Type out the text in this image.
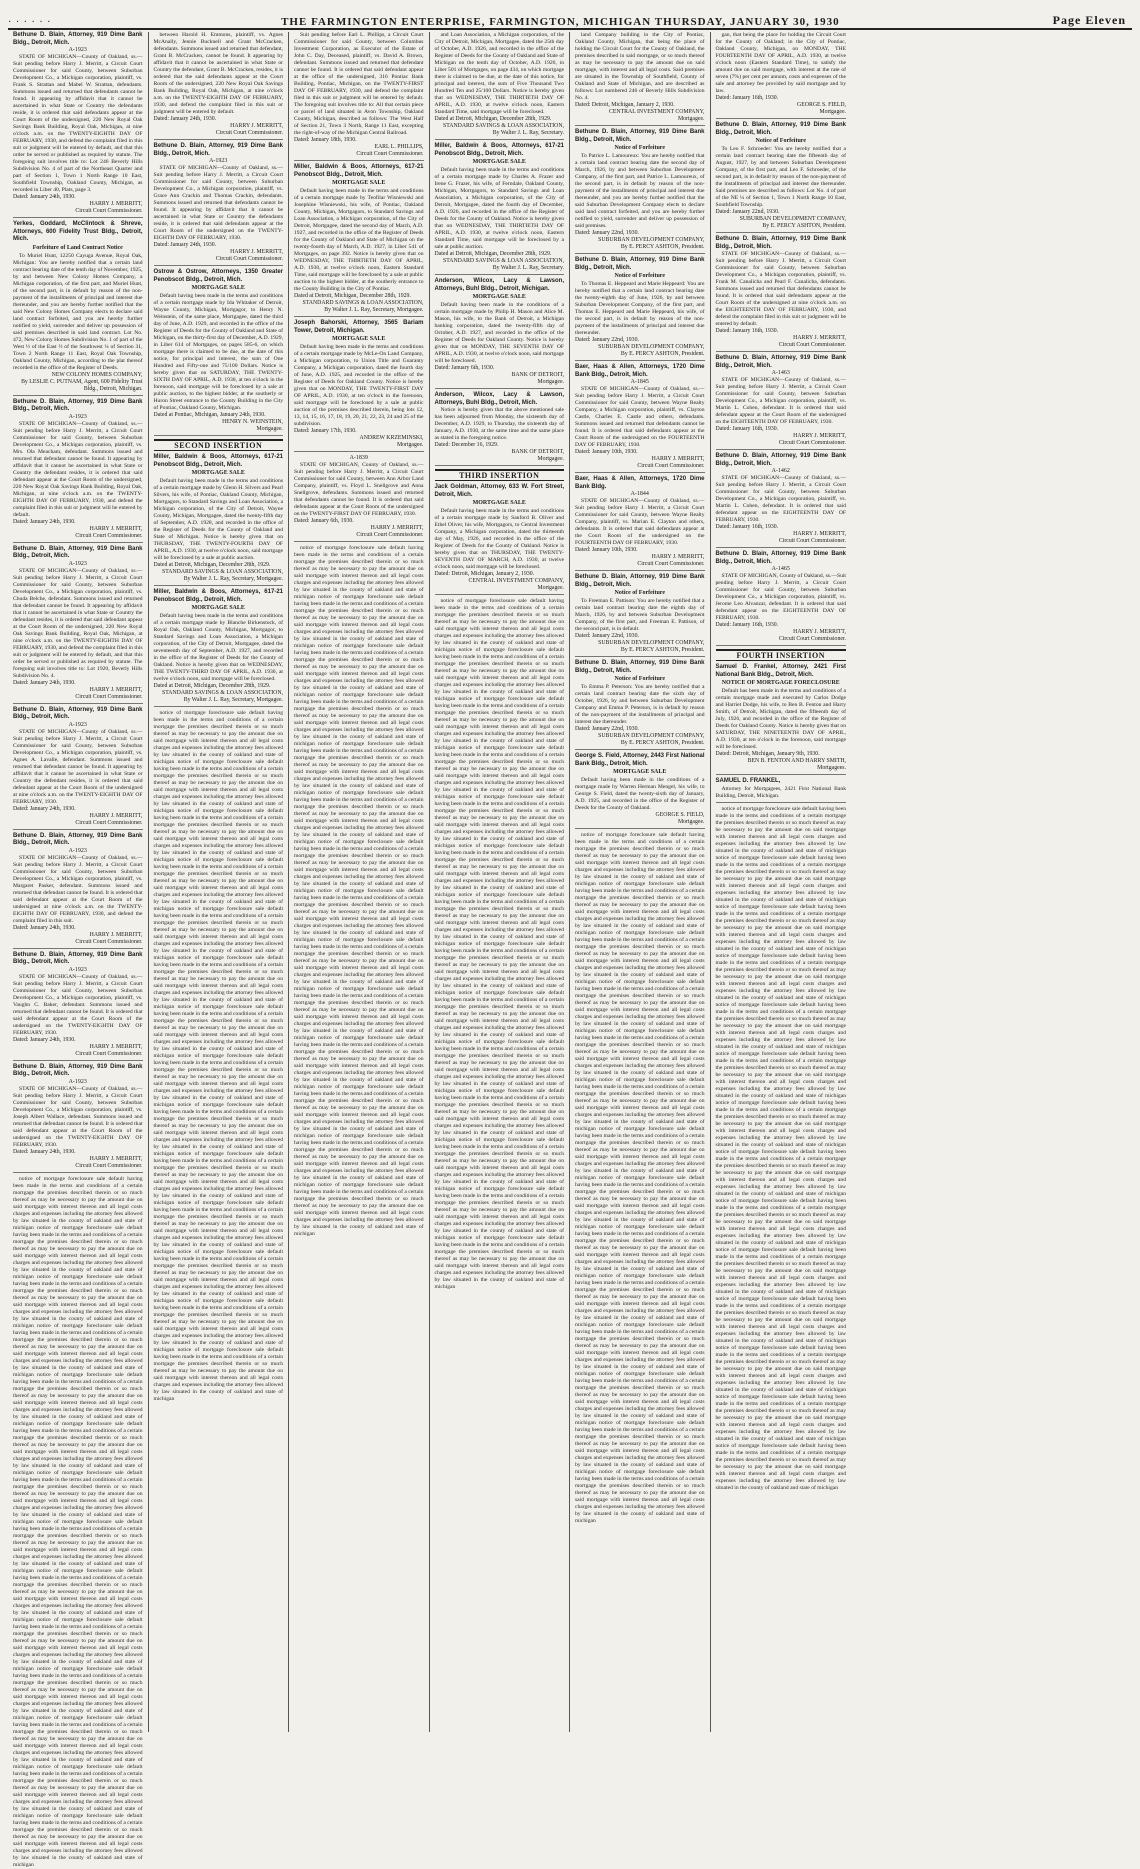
· · · · · ·	THE FARMINGTON ENTERPRISE, FARMINGTON, MICHIGAN THURSDAY, JANUARY 30, 1930	Page Eleven
Bethune D. Blain, Attorney, 919 Dime Bank Bldg., Detroit, Mich.
A-1923
STATE OF MICHIGAN—County of Oakland, ss.—Suit pending before Harry J. Merritt, a Circuit Court Commissioner for said County, between Suburban Development Co., a Michigan corporation, plaintiff, vs. Frank S. Strattan and Mabel W. Strattan, defendants. Summons issued and returned that defendants cannot be found. It appearing by affidavit that it cannot be ascertained in what State or Country the defendants reside, it is ordered that said defendants appear at the Court Room of the undersigned, 220 New Royal Oak Savings Bank Building, Royal Oak, Michigan, at nine o'clock a.m. on the TWENTY-EIGHTH DAY OF FEBRUARY, 1930, and defend the complaint filed in this suit or judgment will be entered by default, and that this order be served or published as required by statute. The foregoing suit involves title to: Lot 246 Beverly Hills Subdivision No. 4 of part of the Northeast Quarter and part of Section 1, Town 1 North Range 10 East, Southfield Township, Oakland County, Michigan, as recorded in Liber 40, Plats, page 3.
Dated: January 24th, 1930.
HARRY J. MERRITT,
Circuit Court Commissioner.
Yerkes, Goddard, McClintock & Shreve, Attorneys, 600 Fidelity Trust Bldg., Detroit, Mich.
Forfeiture of Land Contract Notice
To Muriel Hunt, 12250 Cayuga Avenue, Royal Oak, Michigan: You are hereby notified that a certain land contract bearing date of the tenth day of November, 1925, by and between New Colony Homes Company, a Michigan corporation, of the first part, and Muriel Hunt, of the second part, is in default by reason of the non-payment of the installments of principal and interest due thereunder, and you are hereby further notified that the said New Colony Homes Company elects to declare said land contract forfeited, and you are hereby further notified to yield, surrender and deliver up possession of said premises described in said land contract. Lot No. 472, New Colony Homes Subdivision No. 1 of part of the West ½ of the East ½ of the Southwest ¼ of Section 31, Town 2 North Range 11 East, Royal Oak Township, Oakland County, Michigan, according to the plat thereof recorded in the office of the Register of Deeds.
NEW COLONY HOMES COMPANY,
By LESLIE C. PUTNAM, Agent, 600 Fidelity Trust Bldg., Detroit, Michigan.
Bethune D. Blain, Attorney, 919 Dime Bank Bldg., Detroit, Mich.
A-1923
STATE OF MICHIGAN—County of Oakland, ss.—Suit pending before Harry J. Merritt, a Circuit Court Commissioner for said County, between Suburban Development Co., a Michigan corporation, plaintiff, vs. Mrs. Ola Meacham, defendant. Summons issued and returned that defendant cannot be found. It appearing by affidavit that it cannot be ascertained in what State or Country the defendant resides, it is ordered that said defendant appear at the Court Room of the undersigned, 220 New Royal Oak Savings Bank Building, Royal Oak, Michigan, at nine o'clock a.m. on the TWENTY-EIGHTH DAY OF FEBRUARY, 1930, and defend the complaint filed in this suit or judgment will be entered by default.
Dated: January 24th, 1930.
HARRY J. MERRITT,
Circuit Court Commissioner.
Bethune D. Blain, Attorney, 919 Dime Bank Bldg., Detroit, Mich.
A-1923
STATE OF MICHIGAN—County of Oakland, ss.—Suit pending before Harry J. Merritt, a Circuit Court Commissioner for said County, between Suburban Development Co., a Michigan corporation, plaintiff, vs. Chuda Belche, defendant. Summons issued and returned that defendant cannot be found. It appearing by affidavit that it cannot be ascertained in what State or Country the defendant resides, it is ordered that said defendant appear at the Court Room of the undersigned, 220 New Royal Oak Savings Bank Building, Royal Oak, Michigan, at nine o'clock a.m. on the TWENTY-EIGHTH DAY OF FEBRUARY, 1930, and defend the complaint filed in this suit or judgment will be entered by default, and that this order be served or published as required by statute. The foregoing suit involves title to: Lot 1920, Beverly Hills Subdivision No. 4.
Dated: January 24th, 1930.
HARRY J. MERRITT,
Circuit Court Commissioner.
Bethune D. Blain, Attorney, 919 Dime Bank Bldg., Detroit, Mich.
A-1923
STATE OF MICHIGAN—County of Oakland, ss.—Suit pending before Harry J. Merritt, a Circuit Court Commissioner for said County, between Suburban Development Co., a Michigan corporation, plaintiff, vs. Agnes A. Lavalle, defendant. Summons issued and returned that defendant cannot be found. It appearing by affidavit that it cannot be ascertained in what State or Country the defendant resides, it is ordered that said defendant appear at the Court Room of the undersigned at nine o'clock a.m. on the TWENTY-EIGHTH DAY OF FEBRUARY, 1930.
Dated: January 24th, 1930.
HARRY J. MERRITT,
Circuit Court Commissioner.
Bethune D. Blain, Attorney, 919 Dime Bank Bldg., Detroit, Mich.
A-1923
STATE OF MICHIGAN—County of Oakland, ss.—Suit pending before Harry J. Merritt, a Circuit Court Commissioner for said County, between Suburban Development Co., a Michigan corporation, plaintiff, vs. Margaret Pasker, defendant. Summons issued and returned that defendant cannot be found. It is ordered that said defendant appear at the Court Room of the undersigned at nine o'clock a.m. on the TWENTY-EIGHTH DAY OF FEBRUARY, 1930, and defend the complaint filed in this suit.
Dated: January 24th, 1930.
HARRY J. MERRITT,
Circuit Court Commissioner.
Bethune D. Blain, Attorney, 919 Dime Bank Bldg., Detroit, Mich.
A-1923
STATE OF MICHIGAN—County of Oakland, ss.—Suit pending before Harry J. Merritt, a Circuit Court Commissioner for said County, between Suburban Development Co., a Michigan corporation, plaintiff, vs. Vaughn C. Baker, defendant. Summons issued and returned that defendant cannot be found. It is ordered that said defendant appear at the Court Room of the undersigned on the TWENTY-EIGHTH DAY OF FEBRUARY, 1930.
Dated: January 24th, 1930.
HARRY J. MERRITT,
Circuit Court Commissioner.
Bethune D. Blain, Attorney, 919 Dime Bank Bldg., Detroit, Mich.
A-1923
STATE OF MICHIGAN—County of Oakland, ss.—Suit pending before Harry J. Merritt, a Circuit Court Commissioner for said County, between Suburban Development Co., a Michigan corporation, plaintiff, vs. Joseph Albert Wallace, defendant. Summons issued and returned that defendant cannot be found. It is ordered that said defendant appear at the Court Room of the undersigned on the TWENTY-EIGHTH DAY OF FEBRUARY, 1930.
Dated: January 24th, 1930.
HARRY J. MERRITT,
Circuit Court Commissioner.
notice of mortgage foreclosure sale default having been made in the terms and conditions of a certain mortgage the premises described therein or so much thereof as may be necessary to pay the amount due on said mortgage with interest thereon and all legal costs charges and expenses including the attorney fees allowed by law situated in the county of oakland and state of michigan notice of mortgage foreclosure sale default having been made in the terms and conditions of a certain mortgage the premises described therein or so much thereof as may be necessary to pay the amount due on said mortgage with interest thereon and all legal costs charges and expenses including the attorney fees allowed by law situated in the county of oakland and state of michigan notice of mortgage foreclosure sale default having been made in the terms and conditions of a certain mortgage the premises described therein or so much thereof as may be necessary to pay the amount due on said mortgage with interest thereon and all legal costs charges and expenses including the attorney fees allowed by law situated in the county of oakland and state of michigan notice of mortgage foreclosure sale default having been made in the terms and conditions of a certain mortgage the premises described therein or so much thereof as may be necessary to pay the amount due on said mortgage with interest thereon and all legal costs charges and expenses including the attorney fees allowed by law situated in the county of oakland and state of michigan notice of mortgage foreclosure sale default having been made in the terms and conditions of a certain mortgage the premises described therein or so much thereof as may be necessary to pay the amount due on said mortgage with interest thereon and all legal costs charges and expenses including the attorney fees allowed by law situated in the county of oakland and state of michigan notice of mortgage foreclosure sale default having been made in the terms and conditions of a certain mortgage the premises described therein or so much thereof as may be necessary to pay the amount due on said mortgage with interest thereon and all legal costs charges and expenses including the attorney fees allowed by law situated in the county of oakland and state of michigan notice of mortgage foreclosure sale default having been made in the terms and conditions of a certain mortgage the premises described therein or so much thereof as may be necessary to pay the amount due on said mortgage with interest thereon and all legal costs charges and expenses including the attorney fees allowed by law situated in the county of oakland and state of michigan notice of mortgage foreclosure sale default having been made in the terms and conditions of a certain mortgage the premises described therein or so much thereof as may be necessary to pay the amount due on said mortgage with interest thereon and all legal costs charges and expenses including the attorney fees allowed by law situated in the county of oakland and state of michigan notice of mortgage foreclosure sale default having been made in the terms and conditions of a certain mortgage the premises described therein or so much thereof as may be necessary to pay the amount due on said mortgage with interest thereon and all legal costs charges and expenses including the attorney fees allowed by law situated in the county of oakland and state of michigan notice of mortgage foreclosure sale default having been made in the terms and conditions of a certain mortgage the premises described therein or so much thereof as may be necessary to pay the amount due on said mortgage with interest thereon and all legal costs charges and expenses including the attorney fees allowed by law situated in the county of oakland and state of michigan notice of mortgage foreclosure sale default having been made in the terms and conditions of a certain mortgage the premises described therein or so much thereof as may be necessary to pay the amount due on said mortgage with interest thereon and all legal costs charges and expenses including the attorney fees allowed by law situated in the county of oakland and state of michigan notice of mortgage foreclosure sale default having been made in the terms and conditions of a certain mortgage the premises described therein or so much thereof as may be necessary to pay the amount due on said mortgage with interest thereon and all legal costs charges and expenses including the attorney fees allowed by law situated in the county of oakland and state of michigan notice of mortgage foreclosure sale default having been made in the terms and conditions of a certain mortgage the premises described therein or so much thereof as may be necessary to pay the amount due on said mortgage with interest thereon and all legal costs charges and expenses including the attorney fees allowed by law situated in the county of oakland and state of michigan notice of mortgage foreclosure sale default having been made in the terms and conditions of a certain mortgage the premises described therein or so much thereof as may be necessary to pay the amount due on said mortgage with interest thereon and all legal costs charges and expenses including the attorney fees allowed by law situated in the county of oakland and state of michigan
between Harold H. Emmons, plaintiff, vs. Agnes McAnally, Jennie Bucknell and Grant McCracken, defendants. Summons issued and returned that defendant, Grant B. McCracken, cannot be found. It appearing by affidavit that it cannot be ascertained in what State or Country the defendant, Grant B. McCracken, resides, it is ordered that the said defendants appear at the Court Room of the undersigned, 220 New Royal Oak Savings Bank Building, Royal Oak, Michigan, at nine o'clock a.m. on the TWENTY-EIGHTH DAY OF FEBRUARY, 1930, and defend the complaint filed in this suit or judgment will be entered by default.
Dated: January 24th, 1930.
HARRY J. MERRITT,
Circuit Court Commissioner.
Bethune D. Blain, Attorney, 919 Dime Bank Bldg., Detroit, Mich.
A-1923
STATE OF MICHIGAN—County of Oakland, ss.—Suit pending before Harry J. Merritt, a Circuit Court Commissioner for said County, between Suburban Development Co., a Michigan corporation, plaintiff, vs. Grace Ann Crackin and Thomas Crackin, defendants. Summons issued and returned that defendants cannot be found. It appearing by affidavit that it cannot be ascertained in what State or Country the defendants reside, it is ordered that said defendants appear at the Court Room of the undersigned on the TWENTY-EIGHTH DAY OF FEBRUARY, 1930.
Dated: January 24th, 1930.
HARRY J. MERRITT,
Circuit Court Commissioner.
Ostrow & Ostrow, Attorneys, 1350 Greater Penobscot Bldg., Detroit, Mich.
MORTGAGE SALE
Default having been made in the terms and conditions of a certain mortgage made by Ida Whitaker of Detroit, Wayne County, Michigan, Mortgagor, to Henry N. Weinstein, of the same place, Mortgagee, dated the third day of June, A.D. 1929, and recorded in the office of the Register of Deeds for the County of Oakland and State of Michigan, on the thirty-first day of December, A.D. 1929, in Liber 614 of Mortgages, on pages 585-6, on which mortgage there is claimed to be due, at the date of this notice, for principal and interest, the sum of One Hundred and Fifty-one and 75/100 Dollars. Notice is hereby given that on SATURDAY, THE TWENTY-SIXTH DAY OF APRIL, A.D. 1930, at ten o'clock in the forenoon, said mortgage will be foreclosed by a sale at public auction, to the highest bidder, at the southerly or Huron Street entrance to the County Building in the City of Pontiac, Oakland County, Michigan.
Dated at Pontiac, Michigan, January 24th, 1930.
HENRY N. WEINSTEIN,
Mortgagee.
SECOND INSERTION
Miller, Baldwin & Boos, Attorneys, 617-21 Penobscot Bldg., Detroit, Mich.
MORTGAGE SALE
Default having been made in the terms and conditions of a certain mortgage made by Glenn H. Silvers and Pearl Silvers, his wife, of Pontiac, Oakland County, Michigan, Mortgagors, to Standard Savings and Loan Association, a Michigan corporation, of the City of Detroit, Wayne County, Michigan, Mortgagee, dated the twenty-fifth day of September, A.D. 1928, and recorded in the office of the Register of Deeds for the County of Oakland and State of Michigan. Notice is hereby given that on THURSDAY, THE TWENTY-FOURTH DAY OF APRIL, A.D. 1930, at twelve o'clock noon, said mortgage will be foreclosed by a sale at public auction.
Dated at Detroit, Michigan, December 28th, 1929.
STANDARD SAVINGS & LOAN ASSOCIATION,
By Walter J. L. Ray, Secretary, Mortgagee.
Miller, Baldwin & Boos, Attorneys, 617-21 Penobscot Bldg., Detroit, Mich.
MORTGAGE SALE
Default having been made in the terms and conditions of a certain mortgage made by Blanche Birkenstock, of Royal Oak, Oakland County, Michigan, Mortgagor, to Standard Savings and Loan Association, a Michigan corporation, of the City of Detroit, Mortgagee, dated the seventeenth day of September, A.D. 1927, and recorded in the office of the Register of Deeds for the County of Oakland. Notice is hereby given that on WEDNESDAY, THE TWENTY-THIRD DAY OF APRIL, A.D. 1930, at twelve o'clock noon, said mortgage will be foreclosed.
Dated at Detroit, Michigan, December 28th, 1929.
STANDARD SAVINGS & LOAN ASSOCIATION,
By Walter J. L. Ray, Secretary, Mortgagee.
notice of mortgage foreclosure sale default having been made in the terms and conditions of a certain mortgage the premises described therein or so much thereof as may be necessary to pay the amount due on said mortgage with interest thereon and all legal costs charges and expenses including the attorney fees allowed by law situated in the county of oakland and state of michigan notice of mortgage foreclosure sale default having been made in the terms and conditions of a certain mortgage the premises described therein or so much thereof as may be necessary to pay the amount due on said mortgage with interest thereon and all legal costs charges and expenses including the attorney fees allowed by law situated in the county of oakland and state of michigan notice of mortgage foreclosure sale default having been made in the terms and conditions of a certain mortgage the premises described therein or so much thereof as may be necessary to pay the amount due on said mortgage with interest thereon and all legal costs charges and expenses including the attorney fees allowed by law situated in the county of oakland and state of michigan notice of mortgage foreclosure sale default having been made in the terms and conditions of a certain mortgage the premises described therein or so much thereof as may be necessary to pay the amount due on said mortgage with interest thereon and all legal costs charges and expenses including the attorney fees allowed by law situated in the county of oakland and state of michigan notice of mortgage foreclosure sale default having been made in the terms and conditions of a certain mortgage the premises described therein or so much thereof as may be necessary to pay the amount due on said mortgage with interest thereon and all legal costs charges and expenses including the attorney fees allowed by law situated in the county of oakland and state of michigan notice of mortgage foreclosure sale default having been made in the terms and conditions of a certain mortgage the premises described therein or so much thereof as may be necessary to pay the amount due on said mortgage with interest thereon and all legal costs charges and expenses including the attorney fees allowed by law situated in the county of oakland and state of michigan notice of mortgage foreclosure sale default having been made in the terms and conditions of a certain mortgage the premises described therein or so much thereof as may be necessary to pay the amount due on said mortgage with interest thereon and all legal costs charges and expenses including the attorney fees allowed by law situated in the county of oakland and state of michigan notice of mortgage foreclosure sale default having been made in the terms and conditions of a certain mortgage the premises described therein or so much thereof as may be necessary to pay the amount due on said mortgage with interest thereon and all legal costs charges and expenses including the attorney fees allowed by law situated in the county of oakland and state of michigan notice of mortgage foreclosure sale default having been made in the terms and conditions of a certain mortgage the premises described therein or so much thereof as may be necessary to pay the amount due on said mortgage with interest thereon and all legal costs charges and expenses including the attorney fees allowed by law situated in the county of oakland and state of michigan notice of mortgage foreclosure sale default having been made in the terms and conditions of a certain mortgage the premises described therein or so much thereof as may be necessary to pay the amount due on said mortgage with interest thereon and all legal costs charges and expenses including the attorney fees allowed by law situated in the county of oakland and state of michigan notice of mortgage foreclosure sale default having been made in the terms and conditions of a certain mortgage the premises described therein or so much thereof as may be necessary to pay the amount due on said mortgage with interest thereon and all legal costs charges and expenses including the attorney fees allowed by law situated in the county of oakland and state of michigan notice of mortgage foreclosure sale default having been made in the terms and conditions of a certain mortgage the premises described therein or so much thereof as may be necessary to pay the amount due on said mortgage with interest thereon and all legal costs charges and expenses including the attorney fees allowed by law situated in the county of oakland and state of michigan notice of mortgage foreclosure sale default having been made in the terms and conditions of a certain mortgage the premises described therein or so much thereof as may be necessary to pay the amount due on said mortgage with interest thereon and all legal costs charges and expenses including the attorney fees allowed by law situated in the county of oakland and state of michigan notice of mortgage foreclosure sale default having been made in the terms and conditions of a certain mortgage the premises described therein or so much thereof as may be necessary to pay the amount due on said mortgage with interest thereon and all legal costs charges and expenses including the attorney fees allowed by law situated in the county of oakland and state of michigan
Suit pending before Earl L. Phillips, a Circuit Court Commissioner for said County, between Columbus Investment Corporation, as Executor of the Estate of John C. Day, Deceased, plaintiff, vs. David A. Brown, defendant. Summons issued and returned that defendant cannot be found. It is ordered that said defendant appear at the office of the undersigned, 316 Pontiac Bank Building, Pontiac, Michigan, on the TWENTY-FIRST DAY OF FEBRUARY, 1930, and defend the complaint filed in this suit or judgment will be entered by default. The foregoing suit involves title to: All that certain piece or parcel of land situated in Avon Township, Oakland County, Michigan, described as follows: The West Half of Section 21, Town 3 North, Range 11 East, excepting the right-of-way of the Michigan Central Railroad.
Dated: January 18th, 1930.
EARL L. PHILLIPS,
Circuit Court Commissioner.
Miller, Baldwin & Boos, Attorneys, 617-21 Penobscot Bldg., Detroit, Mich.
MORTGAGE SALE
Default having been made in the terms and conditions of a certain mortgage made by Teofilar Wisniewski and Josephine Wisniewski, his wife, of Pontiac, Oakland County, Michigan, Mortgagors, to Standard Savings and Loan Association, a Michigan corporation, of the City of Detroit, Mortgagee, dated the second day of March, A.D. 1927, and recorded in the office of the Register of Deeds for the County of Oakland and State of Michigan on the twenty-fourth day of March, A.D. 1927, in Liber 541 of Mortgages, on page 392. Notice is hereby given that on WEDNESDAY, THE THIRTIETH DAY OF APRIL, A.D. 1930, at twelve o'clock noon, Eastern Standard Time, said mortgage will be foreclosed by a sale at public auction to the highest bidder, at the southerly entrance to the County Building in the City of Pontiac.
Dated at Detroit, Michigan, December 28th, 1929.
STANDARD SAVINGS & LOAN ASSOCIATION,
By Walter J. L. Ray, Secretary, Mortgagee.
Joseph Bahorski, Attorney, 3565 Bariam Tower, Detroit, Michigan.
MORTGAGE SALE
Default having been made in the terms and conditions of a certain mortgage made by McLe-On Land Company, a Michigan corporation, to Union Title and Guaranty Company, a Michigan corporation, dated the fourth day of June, A.D. 1925, and recorded in the office of the Register of Deeds for Oakland County. Notice is hereby given that on MONDAY, THE TWENTY-FIRST DAY OF APRIL, A.D. 1930, at ten o'clock in the forenoon, said mortgage will be foreclosed by a sale at public auction of the premises described therein, being lots 12, 13, 14, 15, 16, 17, 18, 19, 20, 21, 22, 23, 24 and 25 of the subdivision.
Dated: January 17th, 1930.
ANDREW KRZEMINSKI,
Mortgagee.
A-1839
STATE OF MICHIGAN, County of Oakland, ss.—Suit pending before Harry J. Merritt, a Circuit Court Commissioner for said County, between Ann Arbor Land Company, plaintiff, vs. Floyd L. Snellgrove and Anna Snellgrove, defendants. Summons issued and returned that defendants cannot be found. It is ordered that said defendants appear at the Court Room of the undersigned on the TWENTY-FIRST DAY OF FEBRUARY, 1930.
Dated: January 6th, 1930.
HARRY J. MERRITT,
Circuit Court Commissioner.
notice of mortgage foreclosure sale default having been made in the terms and conditions of a certain mortgage the premises described therein or so much thereof as may be necessary to pay the amount due on said mortgage with interest thereon and all legal costs charges and expenses including the attorney fees allowed by law situated in the county of oakland and state of michigan notice of mortgage foreclosure sale default having been made in the terms and conditions of a certain mortgage the premises described therein or so much thereof as may be necessary to pay the amount due on said mortgage with interest thereon and all legal costs charges and expenses including the attorney fees allowed by law situated in the county of oakland and state of michigan notice of mortgage foreclosure sale default having been made in the terms and conditions of a certain mortgage the premises described therein or so much thereof as may be necessary to pay the amount due on said mortgage with interest thereon and all legal costs charges and expenses including the attorney fees allowed by law situated in the county of oakland and state of michigan notice of mortgage foreclosure sale default having been made in the terms and conditions of a certain mortgage the premises described therein or so much thereof as may be necessary to pay the amount due on said mortgage with interest thereon and all legal costs charges and expenses including the attorney fees allowed by law situated in the county of oakland and state of michigan notice of mortgage foreclosure sale default having been made in the terms and conditions of a certain mortgage the premises described therein or so much thereof as may be necessary to pay the amount due on said mortgage with interest thereon and all legal costs charges and expenses including the attorney fees allowed by law situated in the county of oakland and state of michigan notice of mortgage foreclosure sale default having been made in the terms and conditions of a certain mortgage the premises described therein or so much thereof as may be necessary to pay the amount due on said mortgage with interest thereon and all legal costs charges and expenses including the attorney fees allowed by law situated in the county of oakland and state of michigan notice of mortgage foreclosure sale default having been made in the terms and conditions of a certain mortgage the premises described therein or so much thereof as may be necessary to pay the amount due on said mortgage with interest thereon and all legal costs charges and expenses including the attorney fees allowed by law situated in the county of oakland and state of michigan notice of mortgage foreclosure sale default having been made in the terms and conditions of a certain mortgage the premises described therein or so much thereof as may be necessary to pay the amount due on said mortgage with interest thereon and all legal costs charges and expenses including the attorney fees allowed by law situated in the county of oakland and state of michigan notice of mortgage foreclosure sale default having been made in the terms and conditions of a certain mortgage the premises described therein or so much thereof as may be necessary to pay the amount due on said mortgage with interest thereon and all legal costs charges and expenses including the attorney fees allowed by law situated in the county of oakland and state of michigan notice of mortgage foreclosure sale default having been made in the terms and conditions of a certain mortgage the premises described therein or so much thereof as may be necessary to pay the amount due on said mortgage with interest thereon and all legal costs charges and expenses including the attorney fees allowed by law situated in the county of oakland and state of michigan notice of mortgage foreclosure sale default having been made in the terms and conditions of a certain mortgage the premises described therein or so much thereof as may be necessary to pay the amount due on said mortgage with interest thereon and all legal costs charges and expenses including the attorney fees allowed by law situated in the county of oakland and state of michigan notice of mortgage foreclosure sale default having been made in the terms and conditions of a certain mortgage the premises described therein or so much thereof as may be necessary to pay the amount due on said mortgage with interest thereon and all legal costs charges and expenses including the attorney fees allowed by law situated in the county of oakland and state of michigan notice of mortgage foreclosure sale default having been made in the terms and conditions of a certain mortgage the premises described therein or so much thereof as may be necessary to pay the amount due on said mortgage with interest thereon and all legal costs charges and expenses including the attorney fees allowed by law situated in the county of oakland and state of michigan notice of mortgage foreclosure sale default having been made in the terms and conditions of a certain mortgage the premises described therein or so much thereof as may be necessary to pay the amount due on said mortgage with interest thereon and all legal costs charges and expenses including the attorney fees allowed by law situated in the county of oakland and state of michigan
and Loan Association, a Michigan corporation, of the City of Detroit, Michigan, Mortgagee, dated the 25th day of October, A.D. 1926, and recorded in the office of the Register of Deeds for the County of Oakland and State of Michigan on the tenth day of October, A.D. 1926, in Liber 501 of Mortgages, on page 434, on which mortgage there is claimed to be due, at the date of this notice, for principal and interest, the sum of Five Thousand Two Hundred Ten and 25/100 Dollars. Notice is hereby given that on WEDNESDAY, THE THIRTIETH DAY OF APRIL, A.D. 1930, at twelve o'clock noon, Eastern Standard Time, said mortgage will be foreclosed.
Dated at Detroit, Michigan, December 28th, 1929.
STANDARD SAVINGS & LOAN ASSOCIATION,
By Walter J. L. Ray, Secretary.
Miller, Baldwin & Boos, Attorneys, 617-21 Penobscot Bldg., Detroit, Mich.
MORTGAGE SALE
Default having been made in the terms and conditions of a certain mortgage made by Charles A. Frazer and Irene G. Frazer, his wife, of Ferndale, Oakland County, Michigan, Mortgagors, to Standard Savings and Loan Association, a Michigan corporation, of the City of Detroit, Mortgagee, dated the fourth day of December, A.D. 1926, and recorded in the office of the Register of Deeds for the County of Oakland. Notice is hereby given that on WEDNESDAY, THE THIRTIETH DAY OF APRIL, A.D. 1930, at twelve o'clock noon, Eastern Standard Time, said mortgage will be foreclosed by a sale at public auction.
Dated at Detroit, Michigan, December 28th, 1929.
STANDARD SAVINGS & LOAN ASSOCIATION,
By Walter J. L. Ray, Secretary.
Anderson, Wilcox, Lacy & Lawson, Attorneys, Buhl Bldg., Detroit, Michigan.
MORTGAGE SALE
Default having been made in the conditions of a certain mortgage made by Philip H. Mason and Alice M. Mason, his wife, to the Bank of Detroit, a Michigan banking corporation, dated the twenty-fifth day of October, A.D. 1927, and recorded in the office of the Register of Deeds for Oakland County. Notice is hereby given that on MONDAY, THE SEVENTH DAY OF APRIL, A.D. 1930, at twelve o'clock noon, said mortgage will be foreclosed.
Dated: January 6th, 1930.
BANK OF DETROIT,
Mortgagee.
Anderson, Wilcox, Lacy & Lawson, Attorneys, Buhl Bldg., Detroit, Mich.
Notice is hereby given that the above mentioned sale has been adjourned from Monday, the sixteenth day of December, A.D. 1929, to Thursday, the sixteenth day of January, A.D. 1930, at the same time and the same place as stated in the foregoing notice.
Dated: December 16, 1929.
BANK OF DETROIT,
Mortgagee.
THIRD INSERTION
Jack Goldman, Attorney, 633 W. Fort Street, Detroit, Mich.
MORTGAGE SALE
Default having been made in the terms and conditions of a certain mortgage made by Sanford B. Oliver and Ethel Oliver, his wife, Mortgagors, to Central Investment Company, a Michigan corporation, dated the thirteenth day of May, 1926, and recorded in the office of the Register of Deeds for the County of Oakland. Notice is hereby given that on THURSDAY, THE TWENTY-SEVENTH DAY OF MARCH, A.D. 1930, at twelve o'clock noon, said mortgage will be foreclosed.
Dated: Detroit, Michigan, January 2, 1930.
CENTRAL INVESTMENT COMPANY,
Mortgagee.
notice of mortgage foreclosure sale default having been made in the terms and conditions of a certain mortgage the premises described therein or so much thereof as may be necessary to pay the amount due on said mortgage with interest thereon and all legal costs charges and expenses including the attorney fees allowed by law situated in the county of oakland and state of michigan notice of mortgage foreclosure sale default having been made in the terms and conditions of a certain mortgage the premises described therein or so much thereof as may be necessary to pay the amount due on said mortgage with interest thereon and all legal costs charges and expenses including the attorney fees allowed by law situated in the county of oakland and state of michigan notice of mortgage foreclosure sale default having been made in the terms and conditions of a certain mortgage the premises described therein or so much thereof as may be necessary to pay the amount due on said mortgage with interest thereon and all legal costs charges and expenses including the attorney fees allowed by law situated in the county of oakland and state of michigan notice of mortgage foreclosure sale default having been made in the terms and conditions of a certain mortgage the premises described therein or so much thereof as may be necessary to pay the amount due on said mortgage with interest thereon and all legal costs charges and expenses including the attorney fees allowed by law situated in the county of oakland and state of michigan notice of mortgage foreclosure sale default having been made in the terms and conditions of a certain mortgage the premises described therein or so much thereof as may be necessary to pay the amount due on said mortgage with interest thereon and all legal costs charges and expenses including the attorney fees allowed by law situated in the county of oakland and state of michigan notice of mortgage foreclosure sale default having been made in the terms and conditions of a certain mortgage the premises described therein or so much thereof as may be necessary to pay the amount due on said mortgage with interest thereon and all legal costs charges and expenses including the attorney fees allowed by law situated in the county of oakland and state of michigan notice of mortgage foreclosure sale default having been made in the terms and conditions of a certain mortgage the premises described therein or so much thereof as may be necessary to pay the amount due on said mortgage with interest thereon and all legal costs charges and expenses including the attorney fees allowed by law situated in the county of oakland and state of michigan notice of mortgage foreclosure sale default having been made in the terms and conditions of a certain mortgage the premises described therein or so much thereof as may be necessary to pay the amount due on said mortgage with interest thereon and all legal costs charges and expenses including the attorney fees allowed by law situated in the county of oakland and state of michigan notice of mortgage foreclosure sale default having been made in the terms and conditions of a certain mortgage the premises described therein or so much thereof as may be necessary to pay the amount due on said mortgage with interest thereon and all legal costs charges and expenses including the attorney fees allowed by law situated in the county of oakland and state of michigan notice of mortgage foreclosure sale default having been made in the terms and conditions of a certain mortgage the premises described therein or so much thereof as may be necessary to pay the amount due on said mortgage with interest thereon and all legal costs charges and expenses including the attorney fees allowed by law situated in the county of oakland and state of michigan notice of mortgage foreclosure sale default having been made in the terms and conditions of a certain mortgage the premises described therein or so much thereof as may be necessary to pay the amount due on said mortgage with interest thereon and all legal costs charges and expenses including the attorney fees allowed by law situated in the county of oakland and state of michigan notice of mortgage foreclosure sale default having been made in the terms and conditions of a certain mortgage the premises described therein or so much thereof as may be necessary to pay the amount due on said mortgage with interest thereon and all legal costs charges and expenses including the attorney fees allowed by law situated in the county of oakland and state of michigan notice of mortgage foreclosure sale default having been made in the terms and conditions of a certain mortgage the premises described therein or so much thereof as may be necessary to pay the amount due on said mortgage with interest thereon and all legal costs charges and expenses including the attorney fees allowed by law situated in the county of oakland and state of michigan notice of mortgage foreclosure sale default having been made in the terms and conditions of a certain mortgage the premises described therein or so much thereof as may be necessary to pay the amount due on said mortgage with interest thereon and all legal costs charges and expenses including the attorney fees allowed by law situated in the county of oakland and state of michigan
land Company building in the City of Pontiac, Oakland County, Michigan, that being the place of holding the Circuit Court for the County of Oakland, the premises described in said mortgage, or so much thereof as may be necessary to pay the amount due on said mortgage, with interest and all legal costs. Said premises are situated in the Township of Southfield, County of Oakland and State of Michigan, and are described as follows: Lot numbered 246 of Beverly Hills Subdivision No. 4.
Dated: Detroit, Michigan, January 2, 1930.
CENTRAL INVESTMENT COMPANY,
Mortgagee.
Bethune D. Blain, Attorney, 919 Dime Bank Bldg., Detroit, Mich.
Notice of Forfeiture
To Patrice L. Lamoureux: You are hereby notified that a certain land contract bearing date the second day of March, 1926, by and between Suburban Development Company, of the first part, and Patrice L. Lamoureux, of the second part, is in default by reason of the non-payment of the installments of principal and interest due thereunder, and you are hereby further notified that the said Suburban Development Company elects to declare said land contract forfeited, and you are hereby further notified to yield, surrender and deliver up possession of said premises.
Dated: January 22nd, 1930.
SUBURBAN DEVELOPMENT COMPANY,
By E. PERCY ASHTON, President.
Bethune D. Blain, Attorney, 919 Dime Bank Bldg., Detroit, Mich.
Notice of Forfeiture
To Thomas E. Heppeard and Marie Heppeard: You are hereby notified that a certain land contract bearing date the twenty-eighth day of June, 1926, by and between Suburban Development Company, of the first part, and Thomas E. Heppeard and Marie Heppeard, his wife, of the second part, is in default by reason of the non-payment of the installments of principal and interest due thereunder.
Dated: January 22nd, 1930.
SUBURBAN DEVELOPMENT COMPANY,
By E. PERCY ASHTON, President.
Baer, Haas & Allen, Attorneys, 1720 Dime Bank Bldg., Detroit, Mich.
A-1845
STATE OF MICHIGAN—County of Oakland, ss.—Suit pending before Harry J. Merritt, a Circuit Court Commissioner for said County, between Wayne Realty Company, a Michigan corporation, plaintiff, vs. Clayton Castle, Charles E. Castle and others, defendants. Summons issued and returned that defendants cannot be found. It is ordered that said defendants appear at the Court Room of the undersigned on the FOURTEENTH DAY OF FEBRUARY, 1930.
Dated: January 10th, 1930.
HARRY J. MERRITT,
Circuit Court Commissioner.
Baer, Haas & Allen, Attorneys, 1720 Dime Bank Bldg.
A-1844
STATE OF MICHIGAN—County of Oakland, ss.—Suit pending before Harry J. Merritt, a Circuit Court Commissioner for said County, between Wayne Realty Company, plaintiff, vs. Marian E. Clayton and others, defendants. It is ordered that said defendants appear at the Court Room of the undersigned on the FOURTEENTH DAY OF FEBRUARY, 1930.
Dated: January 10th, 1930.
HARRY J. MERRITT,
Circuit Court Commissioner.
Bethune D. Blain, Attorney, 919 Dime Bank Bldg., Detroit, Mich.
Notice of Forfeiture
To Freeman E. Pattison: You are hereby notified that a certain land contract bearing date the eighth day of March, 1926, by and between Suburban Development Company, of the first part, and Freeman E. Pattison, of the second part, is in default.
Dated: January 22nd, 1930.
SUBURBAN DEVELOPMENT COMPANY,
By E. PERCY ASHTON, President.
Bethune D. Blain, Attorney, 919 Dime Bank Bldg., Detroit, Mich.
Notice of Forfeiture
To Emma P. Peterson: You are hereby notified that a certain land contract bearing date the sixth day of October, 1926, by and between Suburban Development Company and Emma P. Peterson, is in default by reason of the non-payment of the installments of principal and interest due thereunder.
Dated: January 22nd, 1930.
SUBURBAN DEVELOPMENT COMPANY,
By E. PERCY ASHTON, President.
George S. Field, Attorney, 2443 First National Bank Bldg., Detroit, Mich.
MORTGAGE SALE
Default having been made in the conditions of a mortgage made by Warren Herman Mengel, his wife, to George S. Field, dated the twenty-sixth day of January, A.D. 1925, and recorded in the office of the Register of Deeds for the County of Oakland.
GEORGE S. FIELD,
Mortgagee.
notice of mortgage foreclosure sale default having been made in the terms and conditions of a certain mortgage the premises described therein or so much thereof as may be necessary to pay the amount due on said mortgage with interest thereon and all legal costs charges and expenses including the attorney fees allowed by law situated in the county of oakland and state of michigan notice of mortgage foreclosure sale default having been made in the terms and conditions of a certain mortgage the premises described therein or so much thereof as may be necessary to pay the amount due on said mortgage with interest thereon and all legal costs charges and expenses including the attorney fees allowed by law situated in the county of oakland and state of michigan notice of mortgage foreclosure sale default having been made in the terms and conditions of a certain mortgage the premises described therein or so much thereof as may be necessary to pay the amount due on said mortgage with interest thereon and all legal costs charges and expenses including the attorney fees allowed by law situated in the county of oakland and state of michigan notice of mortgage foreclosure sale default having been made in the terms and conditions of a certain mortgage the premises described therein or so much thereof as may be necessary to pay the amount due on said mortgage with interest thereon and all legal costs charges and expenses including the attorney fees allowed by law situated in the county of oakland and state of michigan notice of mortgage foreclosure sale default having been made in the terms and conditions of a certain mortgage the premises described therein or so much thereof as may be necessary to pay the amount due on said mortgage with interest thereon and all legal costs charges and expenses including the attorney fees allowed by law situated in the county of oakland and state of michigan notice of mortgage foreclosure sale default having been made in the terms and conditions of a certain mortgage the premises described therein or so much thereof as may be necessary to pay the amount due on said mortgage with interest thereon and all legal costs charges and expenses including the attorney fees allowed by law situated in the county of oakland and state of michigan notice of mortgage foreclosure sale default having been made in the terms and conditions of a certain mortgage the premises described therein or so much thereof as may be necessary to pay the amount due on said mortgage with interest thereon and all legal costs charges and expenses including the attorney fees allowed by law situated in the county of oakland and state of michigan notice of mortgage foreclosure sale default having been made in the terms and conditions of a certain mortgage the premises described therein or so much thereof as may be necessary to pay the amount due on said mortgage with interest thereon and all legal costs charges and expenses including the attorney fees allowed by law situated in the county of oakland and state of michigan notice of mortgage foreclosure sale default having been made in the terms and conditions of a certain mortgage the premises described therein or so much thereof as may be necessary to pay the amount due on said mortgage with interest thereon and all legal costs charges and expenses including the attorney fees allowed by law situated in the county of oakland and state of michigan notice of mortgage foreclosure sale default having been made in the terms and conditions of a certain mortgage the premises described therein or so much thereof as may be necessary to pay the amount due on said mortgage with interest thereon and all legal costs charges and expenses including the attorney fees allowed by law situated in the county of oakland and state of michigan notice of mortgage foreclosure sale default having been made in the terms and conditions of a certain mortgage the premises described therein or so much thereof as may be necessary to pay the amount due on said mortgage with interest thereon and all legal costs charges and expenses including the attorney fees allowed by law situated in the county of oakland and state of michigan notice of mortgage foreclosure sale default having been made in the terms and conditions of a certain mortgage the premises described therein or so much thereof as may be necessary to pay the amount due on said mortgage with interest thereon and all legal costs charges and expenses including the attorney fees allowed by law situated in the county of oakland and state of michigan notice of mortgage foreclosure sale default having been made in the terms and conditions of a certain mortgage the premises described therein or so much thereof as may be necessary to pay the amount due on said mortgage with interest thereon and all legal costs charges and expenses including the attorney fees allowed by law situated in the county of oakland and state of michigan notice of mortgage foreclosure sale default having been made in the terms and conditions of a certain mortgage the premises described therein or so much thereof as may be necessary to pay the amount due on said mortgage with interest thereon and all legal costs charges and expenses including the attorney fees allowed by law situated in the county of oakland and state of michigan
gan, that being the place for holding the Circuit Court for the County of Oakland; in the City of Pontiac, Oakland County, Michigan, on MONDAY, THE FOURTEENTH DAY OF APRIL, A.D. 1930, at twelve o'clock noon (Eastern Standard Time), to satisfy the amount due on said mortgage, with interest at the rate of seven (7%) per cent per annum, costs and expenses of the sale and attorney fee provided by said mortgage and by law.
Dated: January 16th, 1930.
GEORGE S. FIELD,
Mortgagee.
Bethune D. Blain, Attorney, 919 Dime Bank Bldg., Detroit, Mich.
Notice of Forfeiture
To Leo F. Schroeder: You are hereby notified that a certain land contract bearing date the fifteenth day of August, 1927, by and between Suburban Development Company, of the first part, and Leo F. Schroeder, of the second part, is in default by reason of the non-payment of the installments of principal and interest due thereunder. Said premises are described as follows: Lot No. 4 of part of the NE ¼ of Section 1, Town 1 North Range 10 East, Southfield Township.
Dated: January 22nd, 1930.
SUBURBAN DEVELOPMENT COMPANY,
By E. PERCY ASHTON, President.
Bethune D. Blain, Attorney, 919 Dime Bank Bldg., Detroit, Mich.
STATE OF MICHIGAN—County of Oakland, ss.—Suit pending before Harry J. Merritt, a Circuit Court Commissioner for said County, between Suburban Development Co., a Michigan corporation, plaintiff, vs. Frank M. Canalicha and Pearl F. Canalicha, defendants. Summons issued and returned that defendants cannot be found. It is ordered that said defendants appear at the Court Room of the undersigned at nine o'clock a.m. on the EIGHTEENTH DAY OF FEBRUARY, 1930, and defend the complaint filed in this suit or judgment will be entered by default.
Dated: January 16th, 1930.
HARRY J. MERRITT,
Circuit Court Commissioner.
Bethune D. Blain, Attorney, 919 Dime Bank Bldg., Detroit, Mich.
A-1463
STATE OF MICHIGAN—County of Oakland, ss.—Suit pending before Harry J. Merritt, a Circuit Court Commissioner for said County, between Suburban Development Co., a Michigan corporation, plaintiff, vs. Martin L. Cohen, defendant. It is ordered that said defendant appear at the Court Room of the undersigned on the EIGHTEENTH DAY OF FEBRUARY, 1930.
Dated: January 16th, 1930.
HARRY J. MERRITT,
Circuit Court Commissioner.
Bethune D. Blain, Attorney, 919 Dime Bank Bldg., Detroit, Mich.
A-1462
STATE OF MICHIGAN—County of Oakland, ss.—Suit pending before Harry J. Merritt, a Circuit Court Commissioner for said County, between Suburban Development Co., a Michigan corporation, plaintiff, vs. Martin L. Cohen, defendant. It is ordered that said defendant appear on the EIGHTEENTH DAY OF FEBRUARY, 1930.
Dated: January 16th, 1930.
HARRY J. MERRITT,
Circuit Court Commissioner.
Bethune D. Blain, Attorney, 919 Dime Bank Bldg., Detroit, Mich.
A-1465
STATE OF MICHIGAN, County of Oakland, ss.—Suit pending before Harry J. Merritt, a Circuit Court Commissioner for said County, between Suburban Development Co., a Michigan corporation, plaintiff, vs. Jerome Leo Alvanzar, defendant. It is ordered that said defendant appear on the EIGHTEENTH DAY OF FEBRUARY, 1930.
Dated: January 16th, 1930.
HARRY J. MERRITT,
Circuit Court Commissioner.
FOURTH INSERTION
Samuel D. Frankel, Attorney, 2421 First National Bank Bldg., Detroit, Mich.
NOTICE OF MORTGAGE FORECLOSURE
Default has been made in the terms and conditions of a certain mortgage made and executed by Carlos Dodge and Harriet Dodge, his wife, to Ben B. Fenton and Harry Smith, of Detroit, Michigan, dated the fifteenth day of July, 1926, and recorded in the office of the Register of Deeds for Oakland County. Notice is hereby given that on SATURDAY, THE NINETEENTH DAY OF APRIL, A.D. 1930, at ten o'clock in the forenoon, said mortgage will be foreclosed.
Dated: Detroit, Michigan, January 9th, 1930.
BEN B. FENTON AND HARRY SMITH,
Mortgagees.
SAMUEL D. FRANKEL,
Attorney for Mortgagees, 2421 First National Bank Building, Detroit, Michigan.
notice of mortgage foreclosure sale default having been made in the terms and conditions of a certain mortgage the premises described therein or so much thereof as may be necessary to pay the amount due on said mortgage with interest thereon and all legal costs charges and expenses including the attorney fees allowed by law situated in the county of oakland and state of michigan notice of mortgage foreclosure sale default having been made in the terms and conditions of a certain mortgage the premises described therein or so much thereof as may be necessary to pay the amount due on said mortgage with interest thereon and all legal costs charges and expenses including the attorney fees allowed by law situated in the county of oakland and state of michigan notice of mortgage foreclosure sale default having been made in the terms and conditions of a certain mortgage the premises described therein or so much thereof as may be necessary to pay the amount due on said mortgage with interest thereon and all legal costs charges and expenses including the attorney fees allowed by law situated in the county of oakland and state of michigan notice of mortgage foreclosure sale default having been made in the terms and conditions of a certain mortgage the premises described therein or so much thereof as may be necessary to pay the amount due on said mortgage with interest thereon and all legal costs charges and expenses including the attorney fees allowed by law situated in the county of oakland and state of michigan notice of mortgage foreclosure sale default having been made in the terms and conditions of a certain mortgage the premises described therein or so much thereof as may be necessary to pay the amount due on said mortgage with interest thereon and all legal costs charges and expenses including the attorney fees allowed by law situated in the county of oakland and state of michigan notice of mortgage foreclosure sale default having been made in the terms and conditions of a certain mortgage the premises described therein or so much thereof as may be necessary to pay the amount due on said mortgage with interest thereon and all legal costs charges and expenses including the attorney fees allowed by law situated in the county of oakland and state of michigan notice of mortgage foreclosure sale default having been made in the terms and conditions of a certain mortgage the premises described therein or so much thereof as may be necessary to pay the amount due on said mortgage with interest thereon and all legal costs charges and expenses including the attorney fees allowed by law situated in the county of oakland and state of michigan notice of mortgage foreclosure sale default having been made in the terms and conditions of a certain mortgage the premises described therein or so much thereof as may be necessary to pay the amount due on said mortgage with interest thereon and all legal costs charges and expenses including the attorney fees allowed by law situated in the county of oakland and state of michigan notice of mortgage foreclosure sale default having been made in the terms and conditions of a certain mortgage the premises described therein or so much thereof as may be necessary to pay the amount due on said mortgage with interest thereon and all legal costs charges and expenses including the attorney fees allowed by law situated in the county of oakland and state of michigan notice of mortgage foreclosure sale default having been made in the terms and conditions of a certain mortgage the premises described therein or so much thereof as may be necessary to pay the amount due on said mortgage with interest thereon and all legal costs charges and expenses including the attorney fees allowed by law situated in the county of oakland and state of michigan notice of mortgage foreclosure sale default having been made in the terms and conditions of a certain mortgage the premises described therein or so much thereof as may be necessary to pay the amount due on said mortgage with interest thereon and all legal costs charges and expenses including the attorney fees allowed by law situated in the county of oakland and state of michigan notice of mortgage foreclosure sale default having been made in the terms and conditions of a certain mortgage the premises described therein or so much thereof as may be necessary to pay the amount due on said mortgage with interest thereon and all legal costs charges and expenses including the attorney fees allowed by law situated in the county of oakland and state of michigan notice of mortgage foreclosure sale default having been made in the terms and conditions of a certain mortgage the premises described therein or so much thereof as may be necessary to pay the amount due on said mortgage with interest thereon and all legal costs charges and expenses including the attorney fees allowed by law situated in the county of oakland and state of michigan notice of mortgage foreclosure sale default having been made in the terms and conditions of a certain mortgage the premises described therein or so much thereof as may be necessary to pay the amount due on said mortgage with interest thereon and all legal costs charges and expenses including the attorney fees allowed by law situated in the county of oakland and state of michigan
